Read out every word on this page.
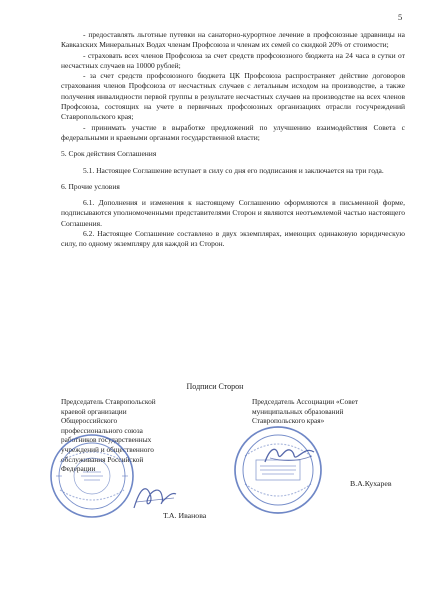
5

- предоставлять льготные путевки на санаторно-курортное лечение в профсоюзные здравницы на Кавказских Минеральных Водах членам Профсоюза и членам их семей со скидкой 20% от стоимости;

- страховать всех членов Профсоюза за счет средств профсоюзного бюджета на 24 часа в сутки от несчастных случаев на 10000 рублей;

- за счет средств профсоюзного бюджета ЦК Профсоюза распространяет действие договоров страхования членов Профсоюза от несчастных случаев с летальным исходом на производстве, а также получения инвалидности первой группы в результате несчастных случаев на производстве на всех членов Профсоюза, состоящих на учете в первичных профсоюзных организациях отрасли госучреждений Ставропольского края;

- принимать участие в выработке предложений по улучшению взаимодействия Совета с федеральными и краевыми органами государственной власти;

5. Срок действия Соглашения

5.1. Настоящее Соглашение вступает в силу со дня его подписания и заключается на три года.

6. Прочие условия

6.1. Дополнения и изменения к настоящему Соглашению оформляются в письменной форме, подписываются уполномоченными представителями Сторон и являются неотъемлемой частью настоящего Соглашения.

6.2. Настоящее Соглашение составлено в двух экземплярах, имеющих одинаковую юридическую силу, по одному экземпляру для каждой из Сторон.

Подписи Сторон
Председатель Ставропольской
краевой организации
Общероссийского
профессионального союза
работников государственных
учреждений и общественного
обслуживания Российской
Федерации
Председатель Ассоциации «Совет
муниципальных образований
Ставропольского края»
Т.А. Иванова
В.А.Кухарев
